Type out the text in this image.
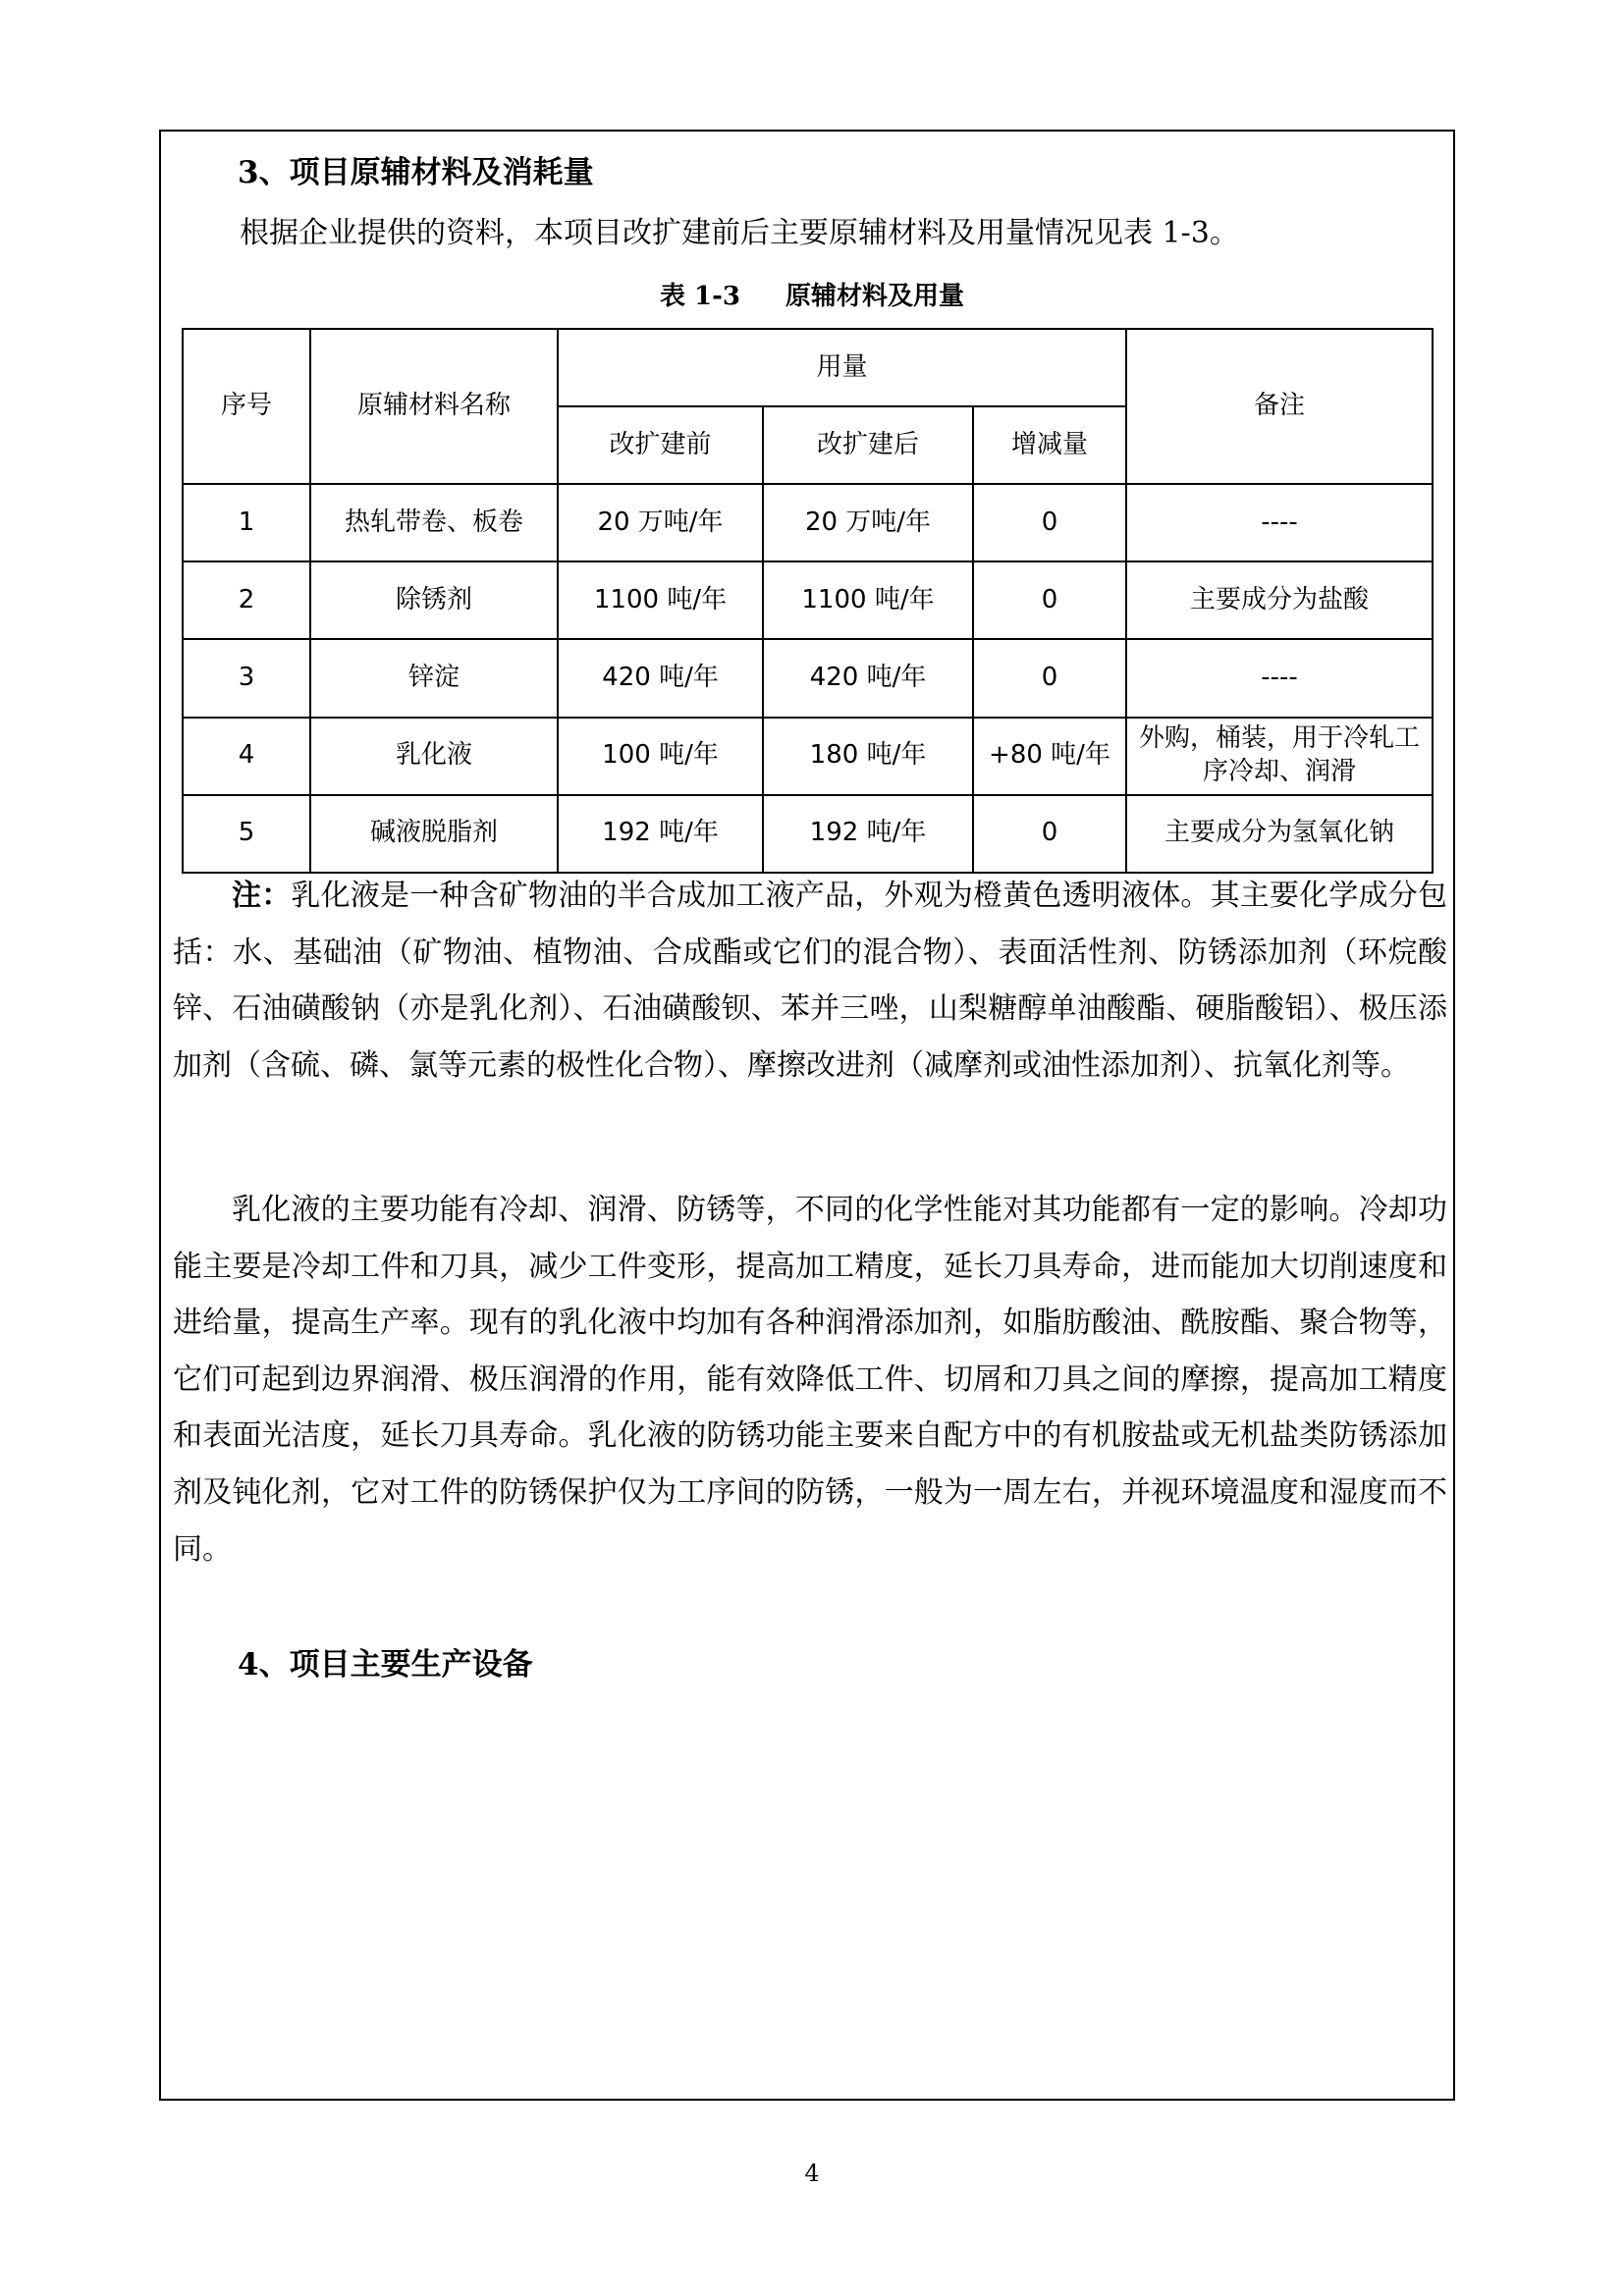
3、项目原辅材料及消耗量

根据企业提供的资料，本项目改扩建前后主要原辅材料及用量情况见表 1-3。

表 1-3 原辅材料及用量

序号	原辅材料名称	用量			备注
		改扩建前	改扩建后	增减量	
1	热轧带卷、板卷	20 万吨/年	20 万吨/年	0	----
2	除锈剂	1100 吨/年	1100 吨/年	0	主要成分为盐酸
3	锌淀	420 吨/年	420 吨/年	0	----
4	乳化液	100 吨/年	180 吨/年	+80 吨/年	外购，桶装，用于冷轧工序冷却、润滑
5	碱液脱脂剂	192 吨/年	192 吨/年	0	主要成分为氢氧化钠

注：乳化液是一种含矿物油的半合成加工液产品，外观为橙黄色透明液体。其主要化学成分包括：水、基础油（矿物油、植物油、合成酯或它们的混合物）、表面活性剂、防锈添加剂（环烷酸锌、石油磺酸钠（亦是乳化剂）、石油磺酸钡、苯并三唑，山梨糖醇单油酸酯、硬脂酸铝）、极压添加剂（含硫、磷、氯等元素的极性化合物）、摩擦改进剂（减摩剂或油性添加剂）、抗氧化剂等。

乳化液的主要功能有冷却、润滑、防锈等，不同的化学性能对其功能都有一定的影响。冷却功能主要是冷却工件和刀具，减少工件变形，提高加工精度，延长刀具寿命，进而能加大切削速度和进给量，提高生产率。现有的乳化液中均加有各种润滑添加剂，如脂肪酸油、酰胺酯、聚合物等，它们可起到边界润滑、极压润滑的作用，能有效降低工件、切屑和刀具之间的摩擦，提高加工精度和表面光洁度，延长刀具寿命。乳化液的防锈功能主要来自配方中的有机胺盐或无机盐类防锈添加剂及钝化剂，它对工件的防锈保护仅为工序间的防锈，一般为一周左右，并视环境温度和湿度而不同。

4、项目主要生产设备
4
